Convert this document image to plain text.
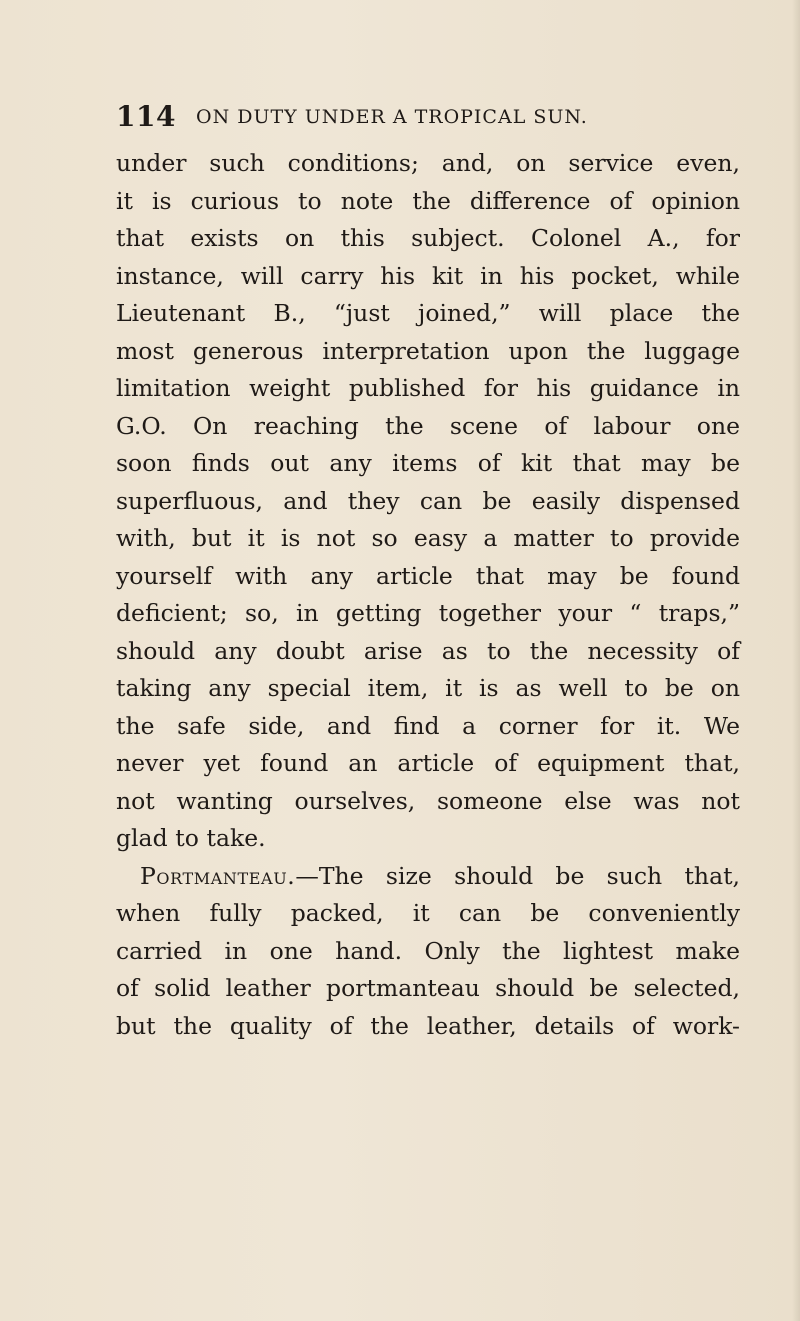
114 ON DUTY UNDER A TROPICAL SUN.
under such conditions; and, on service even,
it is curious to note the difference of opinion
that exists on this subject. Colonel A., for
instance, will carry his kit in his pocket, while
Lieutenant B., “just joined,” will place the
most generous interpretation upon the luggage
limitation weight published for his guidance in
G.O. On reaching the scene of labour one
soon finds out any items of kit that may be
superfluous, and they can be easily dispensed
with, but it is not so easy a matter to provide
yourself with any article that may be found
deficient; so, in getting together your “ traps,”
should any doubt arise as to the necessity of
taking any special item, it is as well to be on
the safe side, and find a corner for it. We
never yet found an article of equipment that,
not wanting ourselves, someone else was not
glad to take.
Portmanteau.—The size should be such that,
when fully packed, it can be conveniently
carried in one hand. Only the lightest make
of solid leather portmanteau should be selected,
but the quality of the leather, details of work-
